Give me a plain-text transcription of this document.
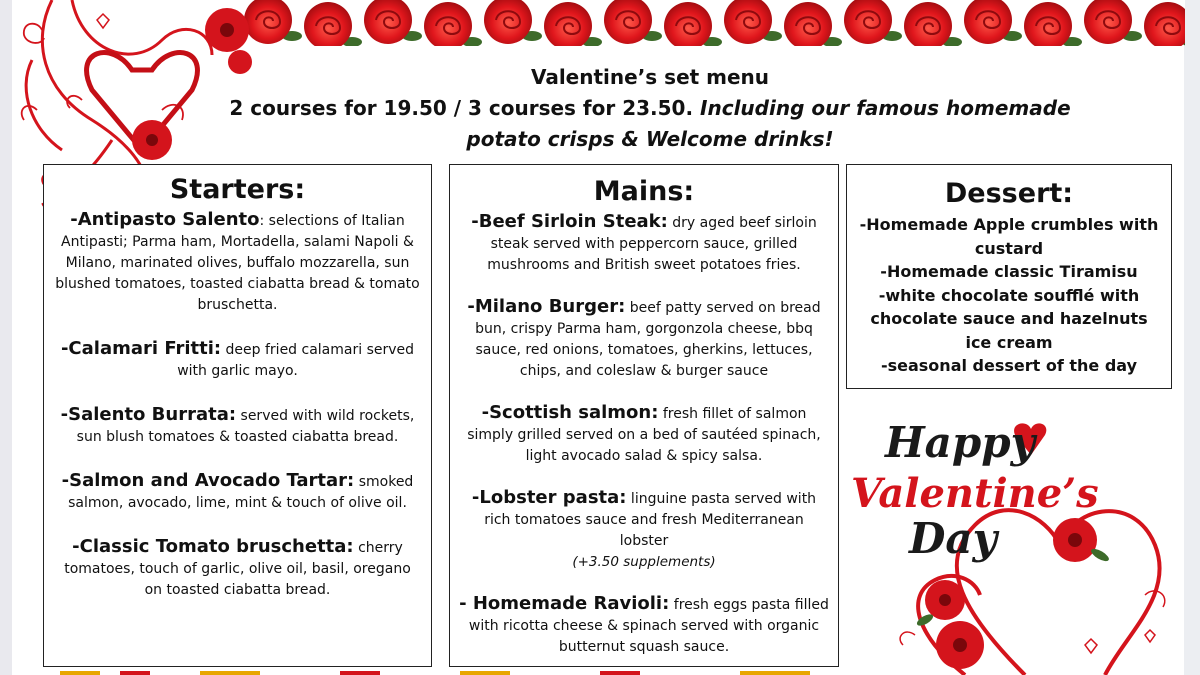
Valentine’s set menu
2 courses for 19.50 / 3 courses for 23.50. Including our famous homemade potato crisps & Welcome drinks!
Starters:
-Antipasto Salento: selections of Italian Antipasti; Parma ham, Mortadella, salami Napoli & Milano, marinated olives, buffalo mozzarella, sun blushed tomatoes, toasted ciabatta bread & tomato bruschetta.
-Calamari Fritti: deep fried calamari served with garlic mayo.
-Salento Burrata: served with wild rockets, sun blush tomatoes & toasted ciabatta bread.
-Salmon and Avocado Tartar: smoked salmon, avocado, lime, mint & touch of olive oil.
-Classic Tomato bruschetta: cherry tomatoes, touch of garlic, olive oil, basil, oregano on toasted ciabatta bread.
Mains:
-Beef Sirloin Steak: dry aged beef sirloin steak served with peppercorn sauce, grilled mushrooms and British sweet potatoes fries.
-Milano Burger: beef patty served on bread bun, crispy Parma ham, gorgonzola cheese, bbq sauce, red onions, tomatoes, gherkins, lettuces, chips, and coleslaw & burger sauce
-Scottish salmon: fresh fillet of salmon simply grilled served on a bed of sautéed spinach, light avocado salad & spicy salsa.
-Lobster pasta: linguine pasta served with rich tomatoes sauce and fresh Mediterranean lobster
(+3.50 supplements)
- Homemade Ravioli: fresh eggs pasta filled with ricotta cheese & spinach served with organic butternut squash sauce.
Dessert:
-Homemade Apple crumbles with custard
-Homemade classic Tiramisu
-white chocolate soufflé with chocolate sauce and hazelnuts ice cream
-seasonal dessert of the day
Happy
Valentine’s
Day
